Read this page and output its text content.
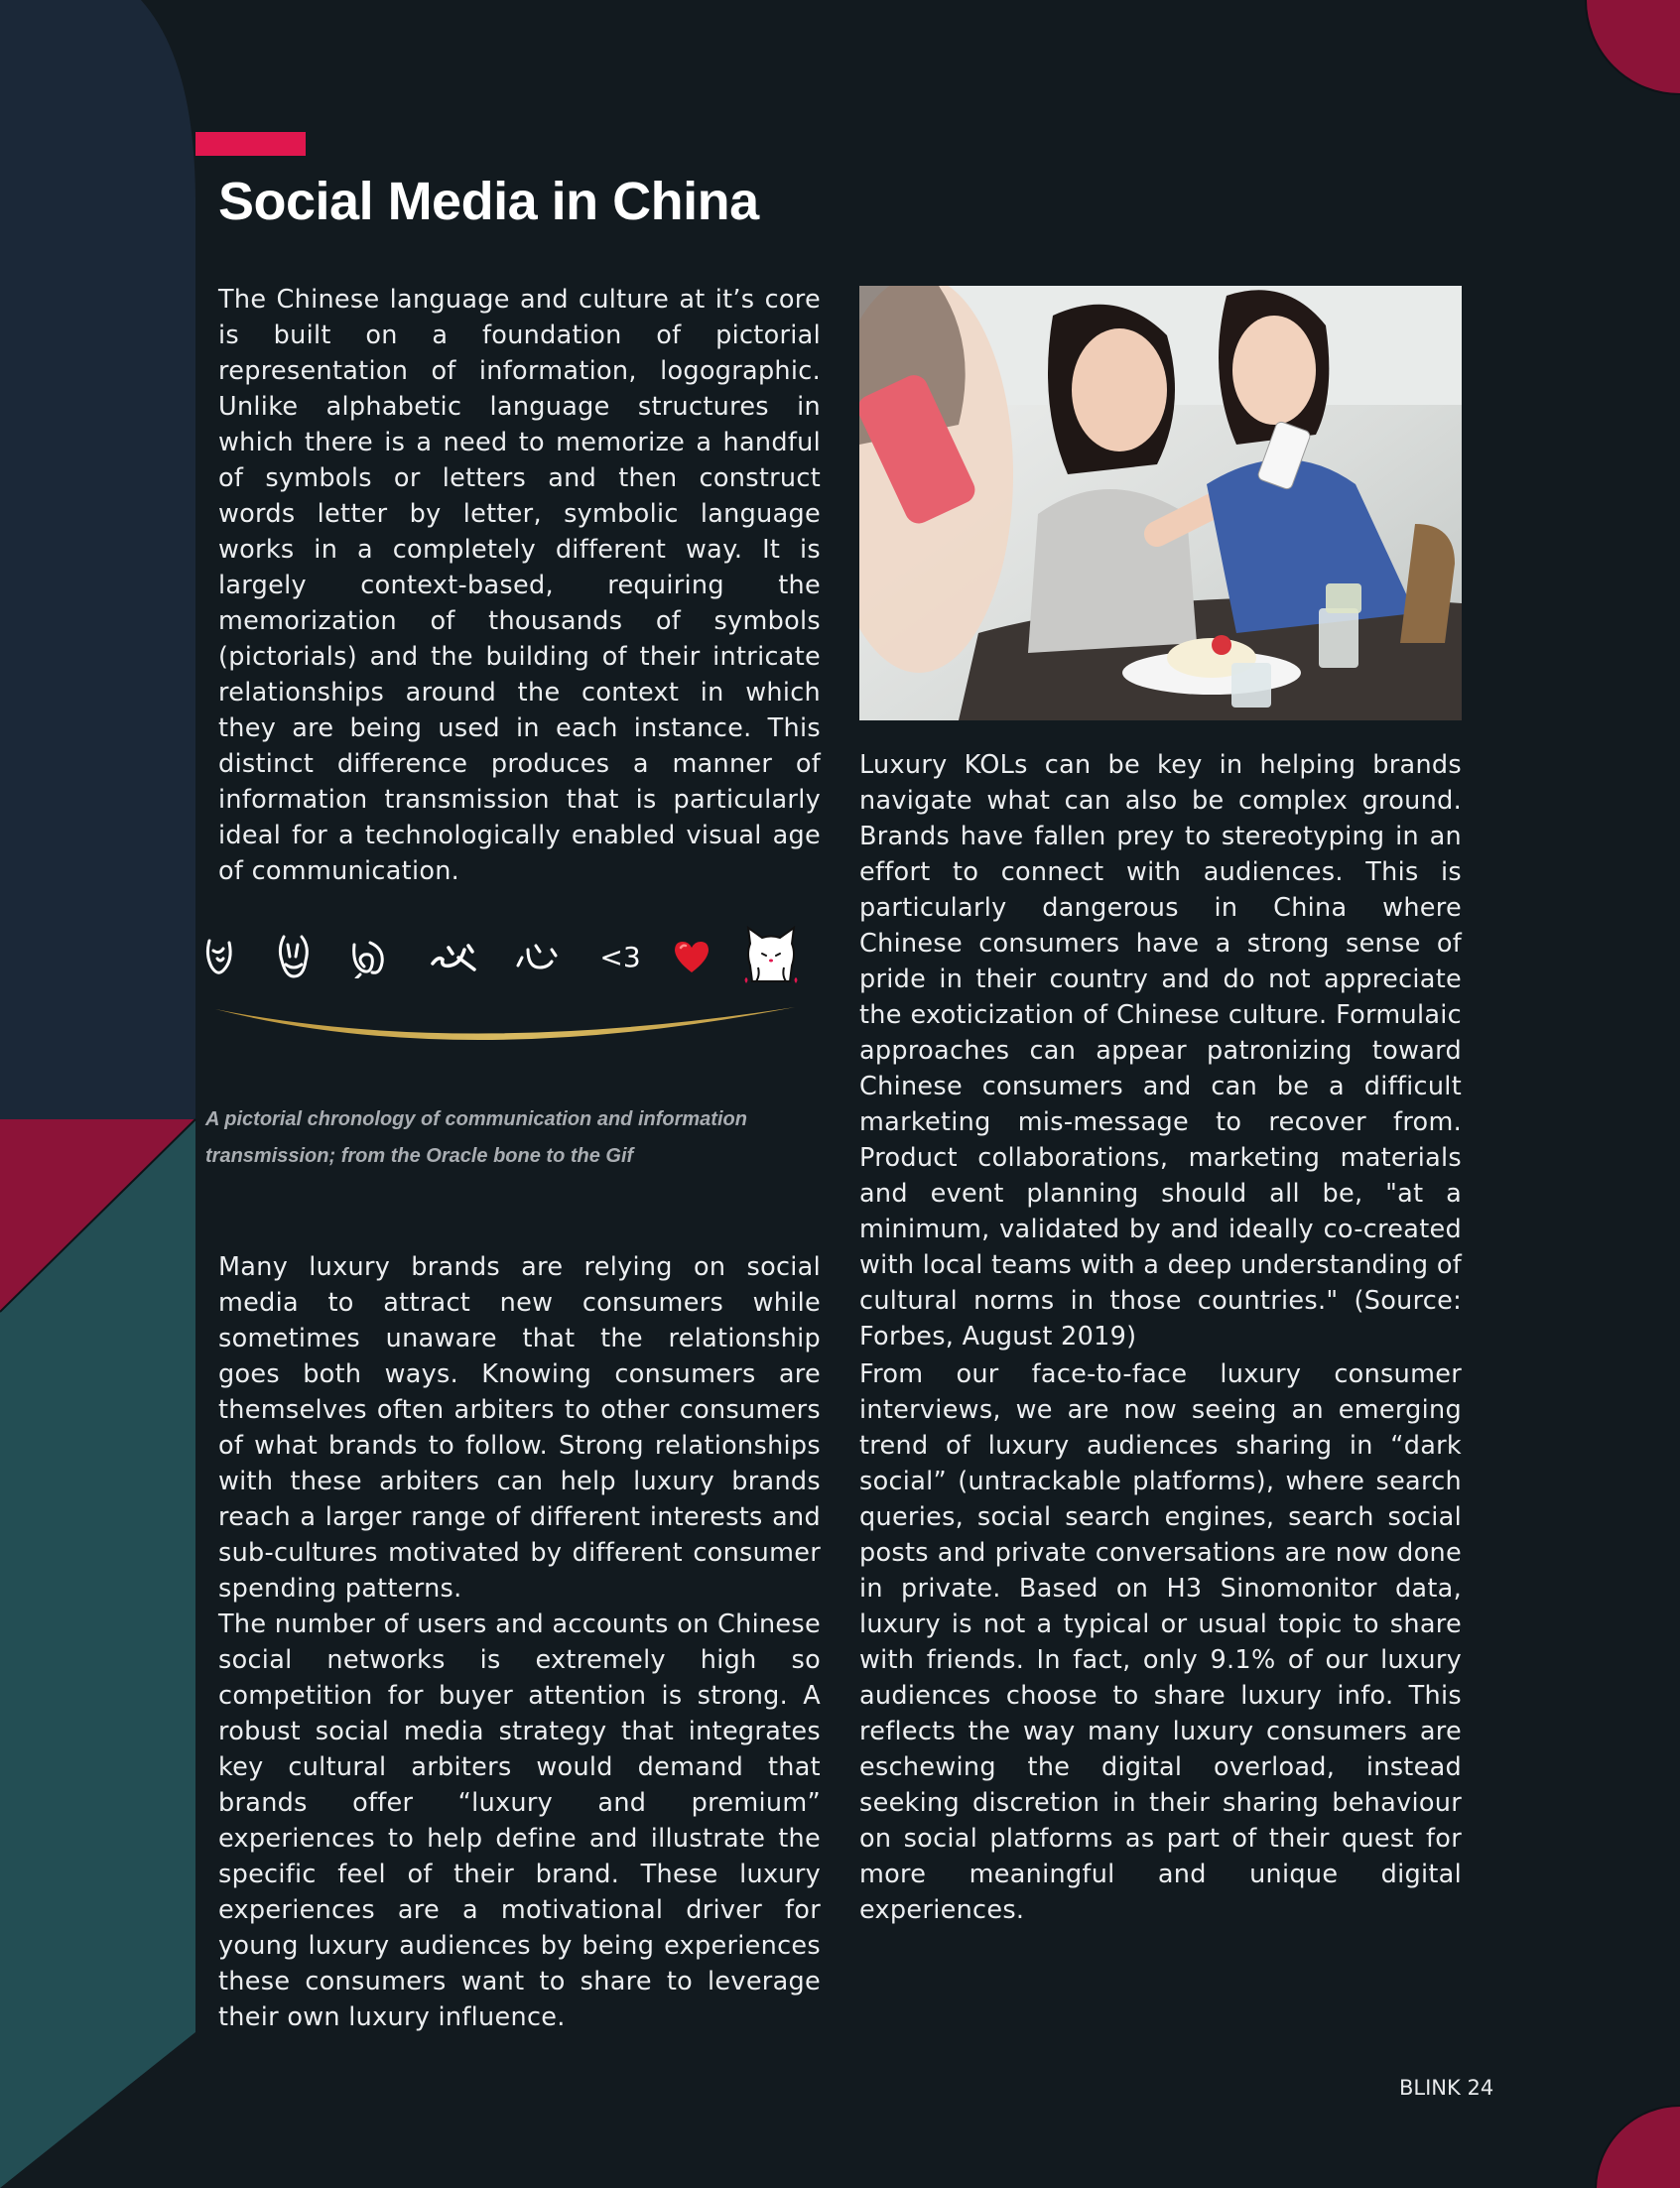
Social Media in China

The Chinese language and culture at it’s core is built on a foundation of pictorial representation of information, logographic. Unlike alphabetic language structures in which there is a need to memorize a handful of symbols or letters and then construct words letter by letter, symbolic language works in a completely different way. It is largely context-based, requiring the memorization of thousands of symbols (pictorials) and the building of their intricate relationships around the context in which they are being used in each instance. This distinct difference produces a manner of information transmission that is particularly ideal for a technologically enabled visual age of communication.

<3

A pictorial chronology of communication and information transmission; from the Oracle bone to the Gif

Many luxury brands are relying on social media to attract new consumers while sometimes unaware that the relationship goes both ways. Knowing consumers are themselves often arbiters to other consumers of what brands to follow. Strong relationships with these arbiters can help luxury brands reach a larger range of different interests and sub-cultures motivated by different consumer spending patterns.

The number of users and accounts on Chinese social networks is extremely high so competition for buyer attention is strong. A robust social media strategy that integrates key cultural arbiters would demand that brands offer “luxury and premium” experiences to help define and illustrate the specific feel of their brand. These luxury experiences are a motivational driver for young luxury audiences by being experiences these consumers want to share to leverage their own luxury influence.

Luxury KOLs can be key in helping brands navigate what can also be complex ground. Brands have fallen prey to stereotyping in an effort to connect with audiences. This is particularly dangerous in China where Chinese consumers have a strong sense of pride in their country and do not appreciate the exoticization of Chinese culture. Formulaic approaches can appear patronizing toward Chinese consumers and can be a difficult marketing mis-message to recover from. Product collaborations, marketing materials and event planning should all be, "at a minimum, validated by and ideally co-created with local teams with a deep understanding of cultural norms in those countries." (Source: Forbes, August 2019)

From our face-to-face luxury consumer interviews, we are now seeing an emerging trend of luxury audiences sharing in “dark social” (untrackable platforms), where search queries, social search engines, search social posts and private conversations are now done in private. Based on H3 Sinomonitor data, luxury is not a typical or usual topic to share with friends. In fact, only 9.1% of our luxury audiences choose to share luxury info. This reflects the way many luxury consumers are eschewing the digital overload, instead seeking discretion in their sharing behaviour on social platforms as part of their quest for more meaningful and unique digital experiences.

BLINK 24
